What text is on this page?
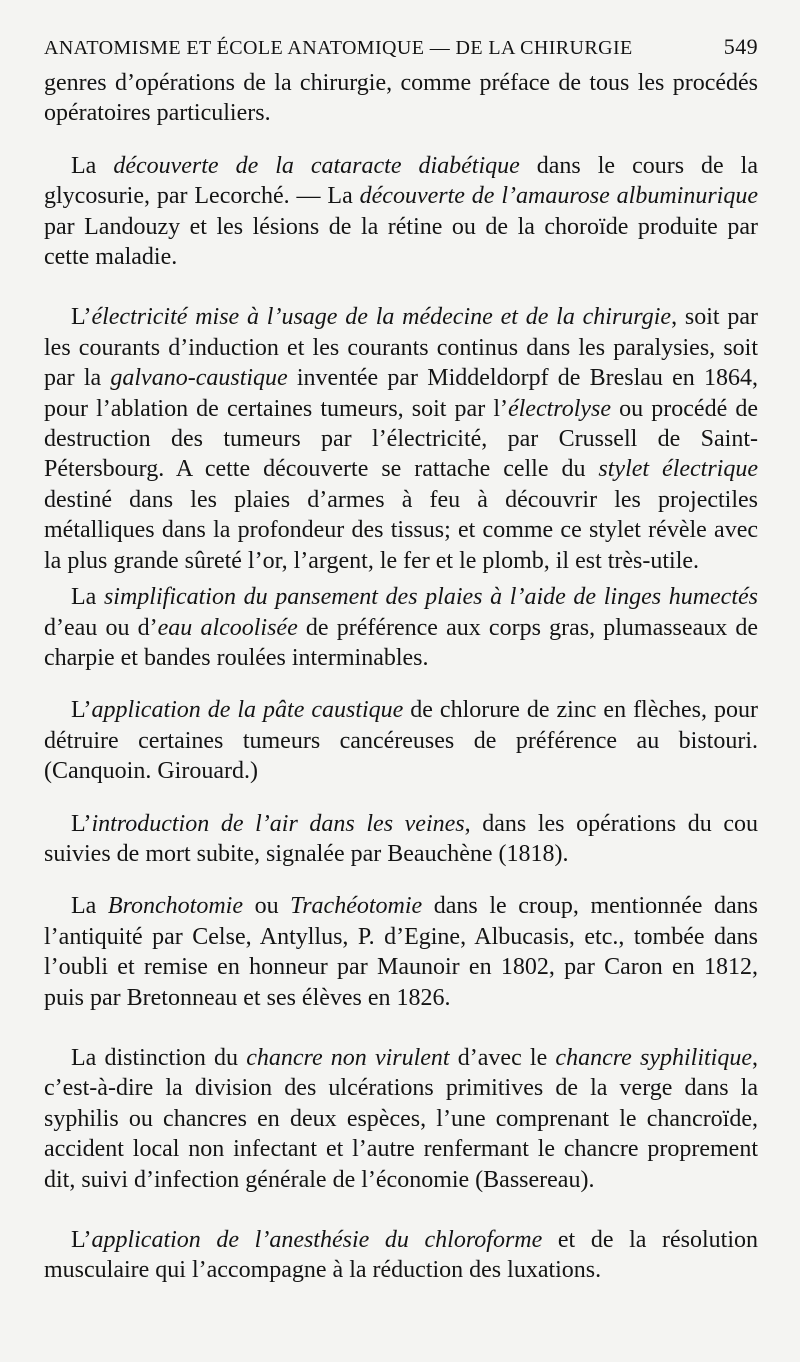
ANATOMISME ET ÉCOLE ANATOMIQUE — DE LA CHIRURGIE	549

genres d’opérations de la chirurgie, comme préface de tous les procédés opératoires particuliers.

La découverte de la cataracte diabétique dans le cours de la glycosurie, par Lecorché. — La découverte de l’amaurose albuminurique par Landouzy et les lésions de la rétine ou de la choroïde produite par cette maladie.

L’électricité mise à l’usage de la médecine et de la chirurgie, soit par les courants d’induction et les courants continus dans les paralysies, soit par la galvano-caustique inventée par Middeldorpf de Breslau en 1864, pour l’ablation de certaines tumeurs, soit par l’électrolyse ou procédé de destruction des tumeurs par l’électricité, par Crussell de Saint-Pétersbourg. A cette découverte se rattache celle du stylet électrique destiné dans les plaies d’armes à feu à découvrir les projectiles métalliques dans la profondeur des tissus; et comme ce stylet révèle avec la plus grande sûreté l’or, l’argent, le fer et le plomb, il est très-utile.

La simplification du pansement des plaies à l’aide de linges humectés d’eau ou d’eau alcoolisée de préférence aux corps gras, plumasseaux de charpie et bandes roulées interminables.

L’application de la pâte caustique de chlorure de zinc en flèches, pour détruire certaines tumeurs cancéreuses de préférence au bistouri. (Canquoin. Girouard.)

L’introduction de l’air dans les veines, dans les opérations du cou suivies de mort subite, signalée par Beauchène (1818).

La Bronchotomie ou Trachéotomie dans le croup, mentionnée dans l’antiquité par Celse, Antyllus, P. d’Egine, Albucasis, etc., tombée dans l’oubli et remise en honneur par Maunoir en 1802, par Caron en 1812, puis par Bretonneau et ses élèves en 1826.

La distinction du chancre non virulent d’avec le chancre syphilitique, c’est-à-dire la division des ulcérations primitives de la verge dans la syphilis ou chancres en deux espèces, l’une comprenant le chancroïde, accident local non infectant et l’autre renfermant le chancre proprement dit, suivi d’infection générale de l’économie (Bassereau).

L’application de l’anesthésie du chloroforme et de la résolution musculaire qui l’accompagne à la réduction des luxations.
